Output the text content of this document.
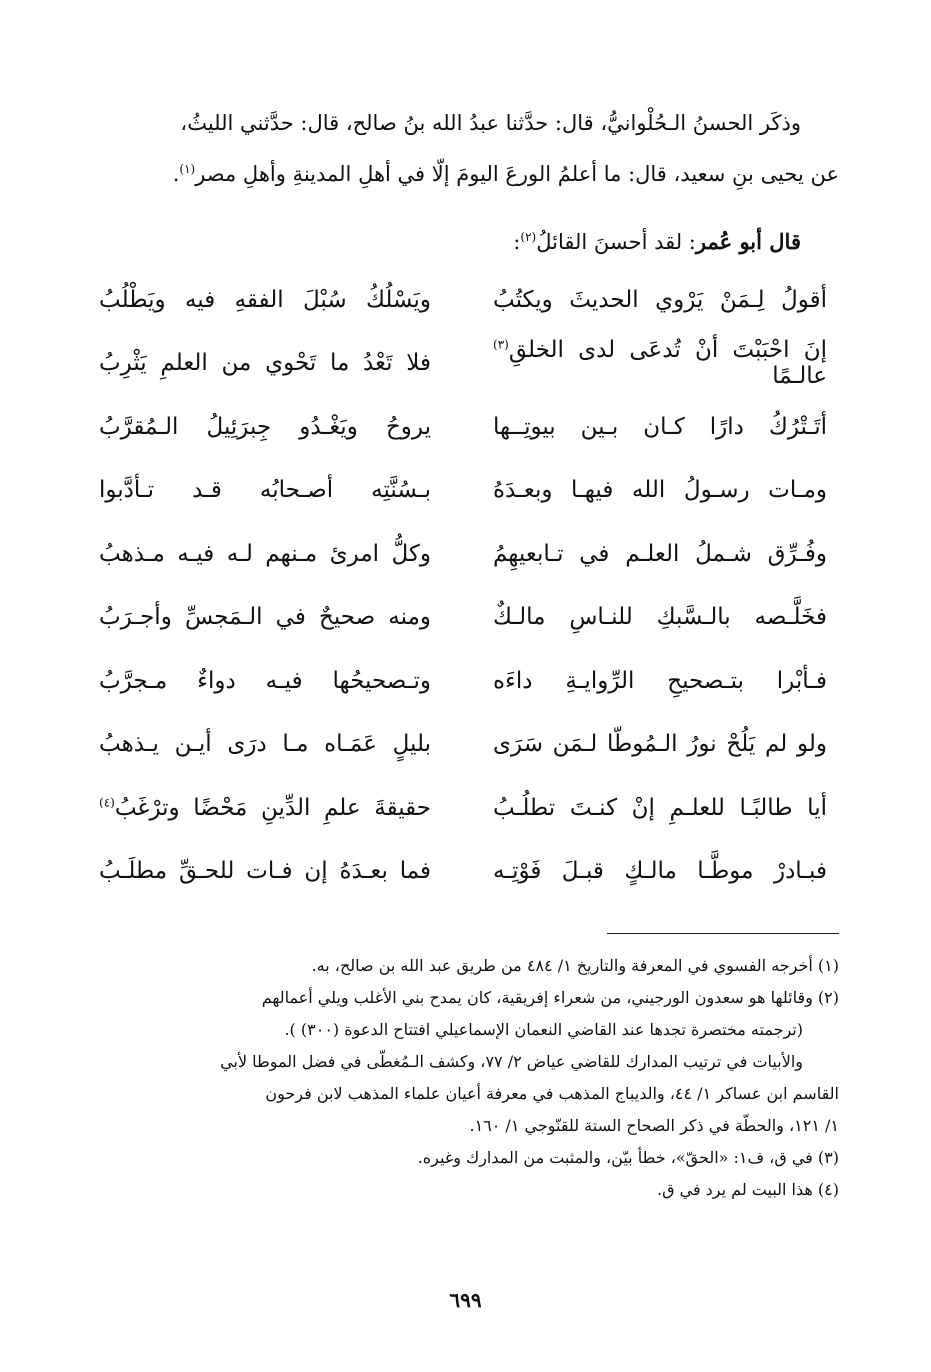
وذكَر الحسنُ الـحُلْوانيُّ، قال: حدَّثنا عبدُ الله بنُ صالح، قال: حدَّثني الليثُ،

عن يحيى بنِ سعيد، قال: ما أعلمُ الورعَ اليومَ إلّا في أهلِ المدينةِ وأهلِ مصر$^{(١)}$.

قال أبو عُمر: لقد أحسنَ القائلُ$^{(٢)}$:
أقولُ لِـمَنْ يَرْوي الحديثَ ويكتُبُ
ويَسْلُكُ سُبْلَ الفقهِ فيه ويَطْلُبُ
إنَ احْبَبْتَ أنْ تُدعَى لدى الخلقِ$^{(٣)}$ عالـمًا
فلا تَعْدُ ما تَحْوي من العلمِ يَثْرِبُ
أتَـتْرُكُ دارًا كـان بـين بيوتِــها
يروحُ ويَغْـدُو جِبرَئِيلُ الـمُقرَّبُ
ومـات رسـولُ الله فيهـا وبعـدَهُ
بـسُنَّتِه أصـحابُه قـد تـأدَّبوا
وفُـرِّق شـملُ العلـم في تـابعيهِمُ
وكلُّ امرئ مـنهم لـه فيـه مـذهبُ
فخَلَّـصه بالـسَّبكِ للنـاسِ مالـكٌ
ومنه صحيحٌ في الـمَجسِّ وأجـرَبُ
فـأبْرا بتـصحيحِ الرِّوايـةِ داءَه
وتـصحيحُها فيـه دواءٌ مـجرَّبُ
ولو لم يَلُحْ نورُ الـمُوطّا لـمَن سَرَى
بليلٍ عَمَـاه مـا درَى أيـن يـذهبُ
أيا طالبًـا للعلـمِ إنْ كنـتَ تطلُـبُ
حقيقةَ علمِ الدِّينِ مَحْضًا وترْغَبُ$^{(٤)}$
فبـادرْ موطَّـا مالـكٍ قبـلَ فَوْتِـه
فما بعـدَهُ إن فـات للحـقِّ مطلَـبُ

(١) أخرجه الفسوي في المعرفة والتاريخ ١/ ٤٨٤ من طريق عبد الله بن صالح، به.

(٢) وقائلها هو سعدون الورجيني، من شعراء إفريقية، كان يمدح بني الأغلب ويلي أعمالهم

(ترجمته مختصرة تجدها عند القاضي النعمان الإسماعيلي افتتاح الدعوة (٣٠٠) ).

والأبيات في ترتيب المدارك للقاضي عياض ٢/ ٧٧، وكشف الـمُغطّى في فضل الموطا لأبي

القاسم ابن عساكر ١/ ٤٤، والديباج المذهب في معرفة أعيان علماء المذهب لابن فرحون

١/ ١٢١، والحطّة في ذكر الصحاح الستة للقنّوجي ١/ ١٦٠.

(٣) في ق، ف١: «الحقّ»، خطأ بيّن، والمثبت من المدارك وغيره.

(٤) هذا البيت لم يرد في ق.

٦٩٩
